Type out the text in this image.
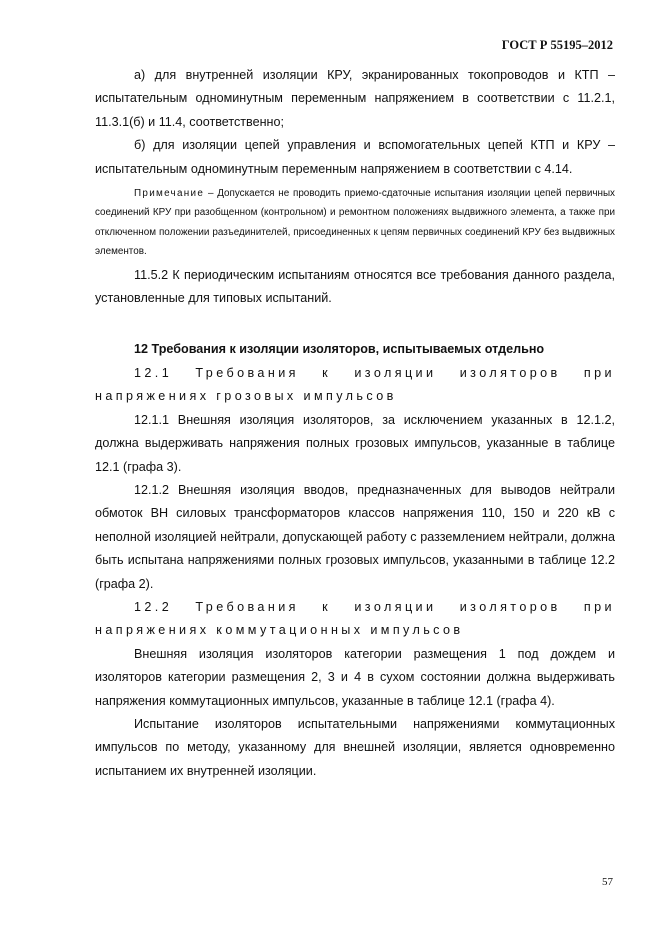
ГОСТ Р 55195–2012

а) для внутренней изоляции КРУ, экранированных токопроводов и КТП – испытательным одноминутным переменным напряжением в соответствии с 11.2.1, 11.3.1(б) и 11.4, соответственно;

б) для изоляции цепей управления и вспомогательных цепей КТП и КРУ – испытательным одноминутным переменным напряжением в соответствии с 4.14.

Примечание – Допускается не проводить приемо-сдаточные испытания изоляции цепей первичных соединений КРУ при разобщенном (контрольном) и ремонтном положениях выдвижного элемента, а также при отключенном положении разъединителей, присоединенных к цепям первичных соединений КРУ без выдвижных элементов.

11.5.2 К периодическим испытаниям относятся все требования данного раздела, установленные для типовых испытаний.

12 Требования к изоляции изоляторов, испытываемых отдельно

12.1 Требования к изоляции изоляторов при напряжениях грозовых импульсов

12.1.1 Внешняя изоляция изоляторов, за исключением указанных в 12.1.2, должна выдерживать напряжения полных грозовых импульсов, указанные в таблице 12.1 (графа 3).

12.1.2 Внешняя изоляция вводов, предназначенных для выводов нейтрали обмоток ВН силовых трансформаторов классов напряжения 110, 150 и 220 кВ с неполной изоляцией нейтрали, допускающей работу с разземлением нейтрали, должна быть испытана напряжениями полных грозовых импульсов, указанными в таблице 12.2 (графа 2).

12.2 Требования к изоляции изоляторов при напряжениях коммутационных импульсов

Внешняя изоляция изоляторов категории размещения 1 под дождем и изоляторов категории размещения 2, 3 и 4 в сухом состоянии должна выдерживать напряжения коммутационных импульсов, указанные в таблице 12.1 (графа 4).

Испытание изоляторов испытательными напряжениями коммутационных импульсов по методу, указанному для внешней изоляции, является одновременно испытанием их внутренней изоляции.

57
